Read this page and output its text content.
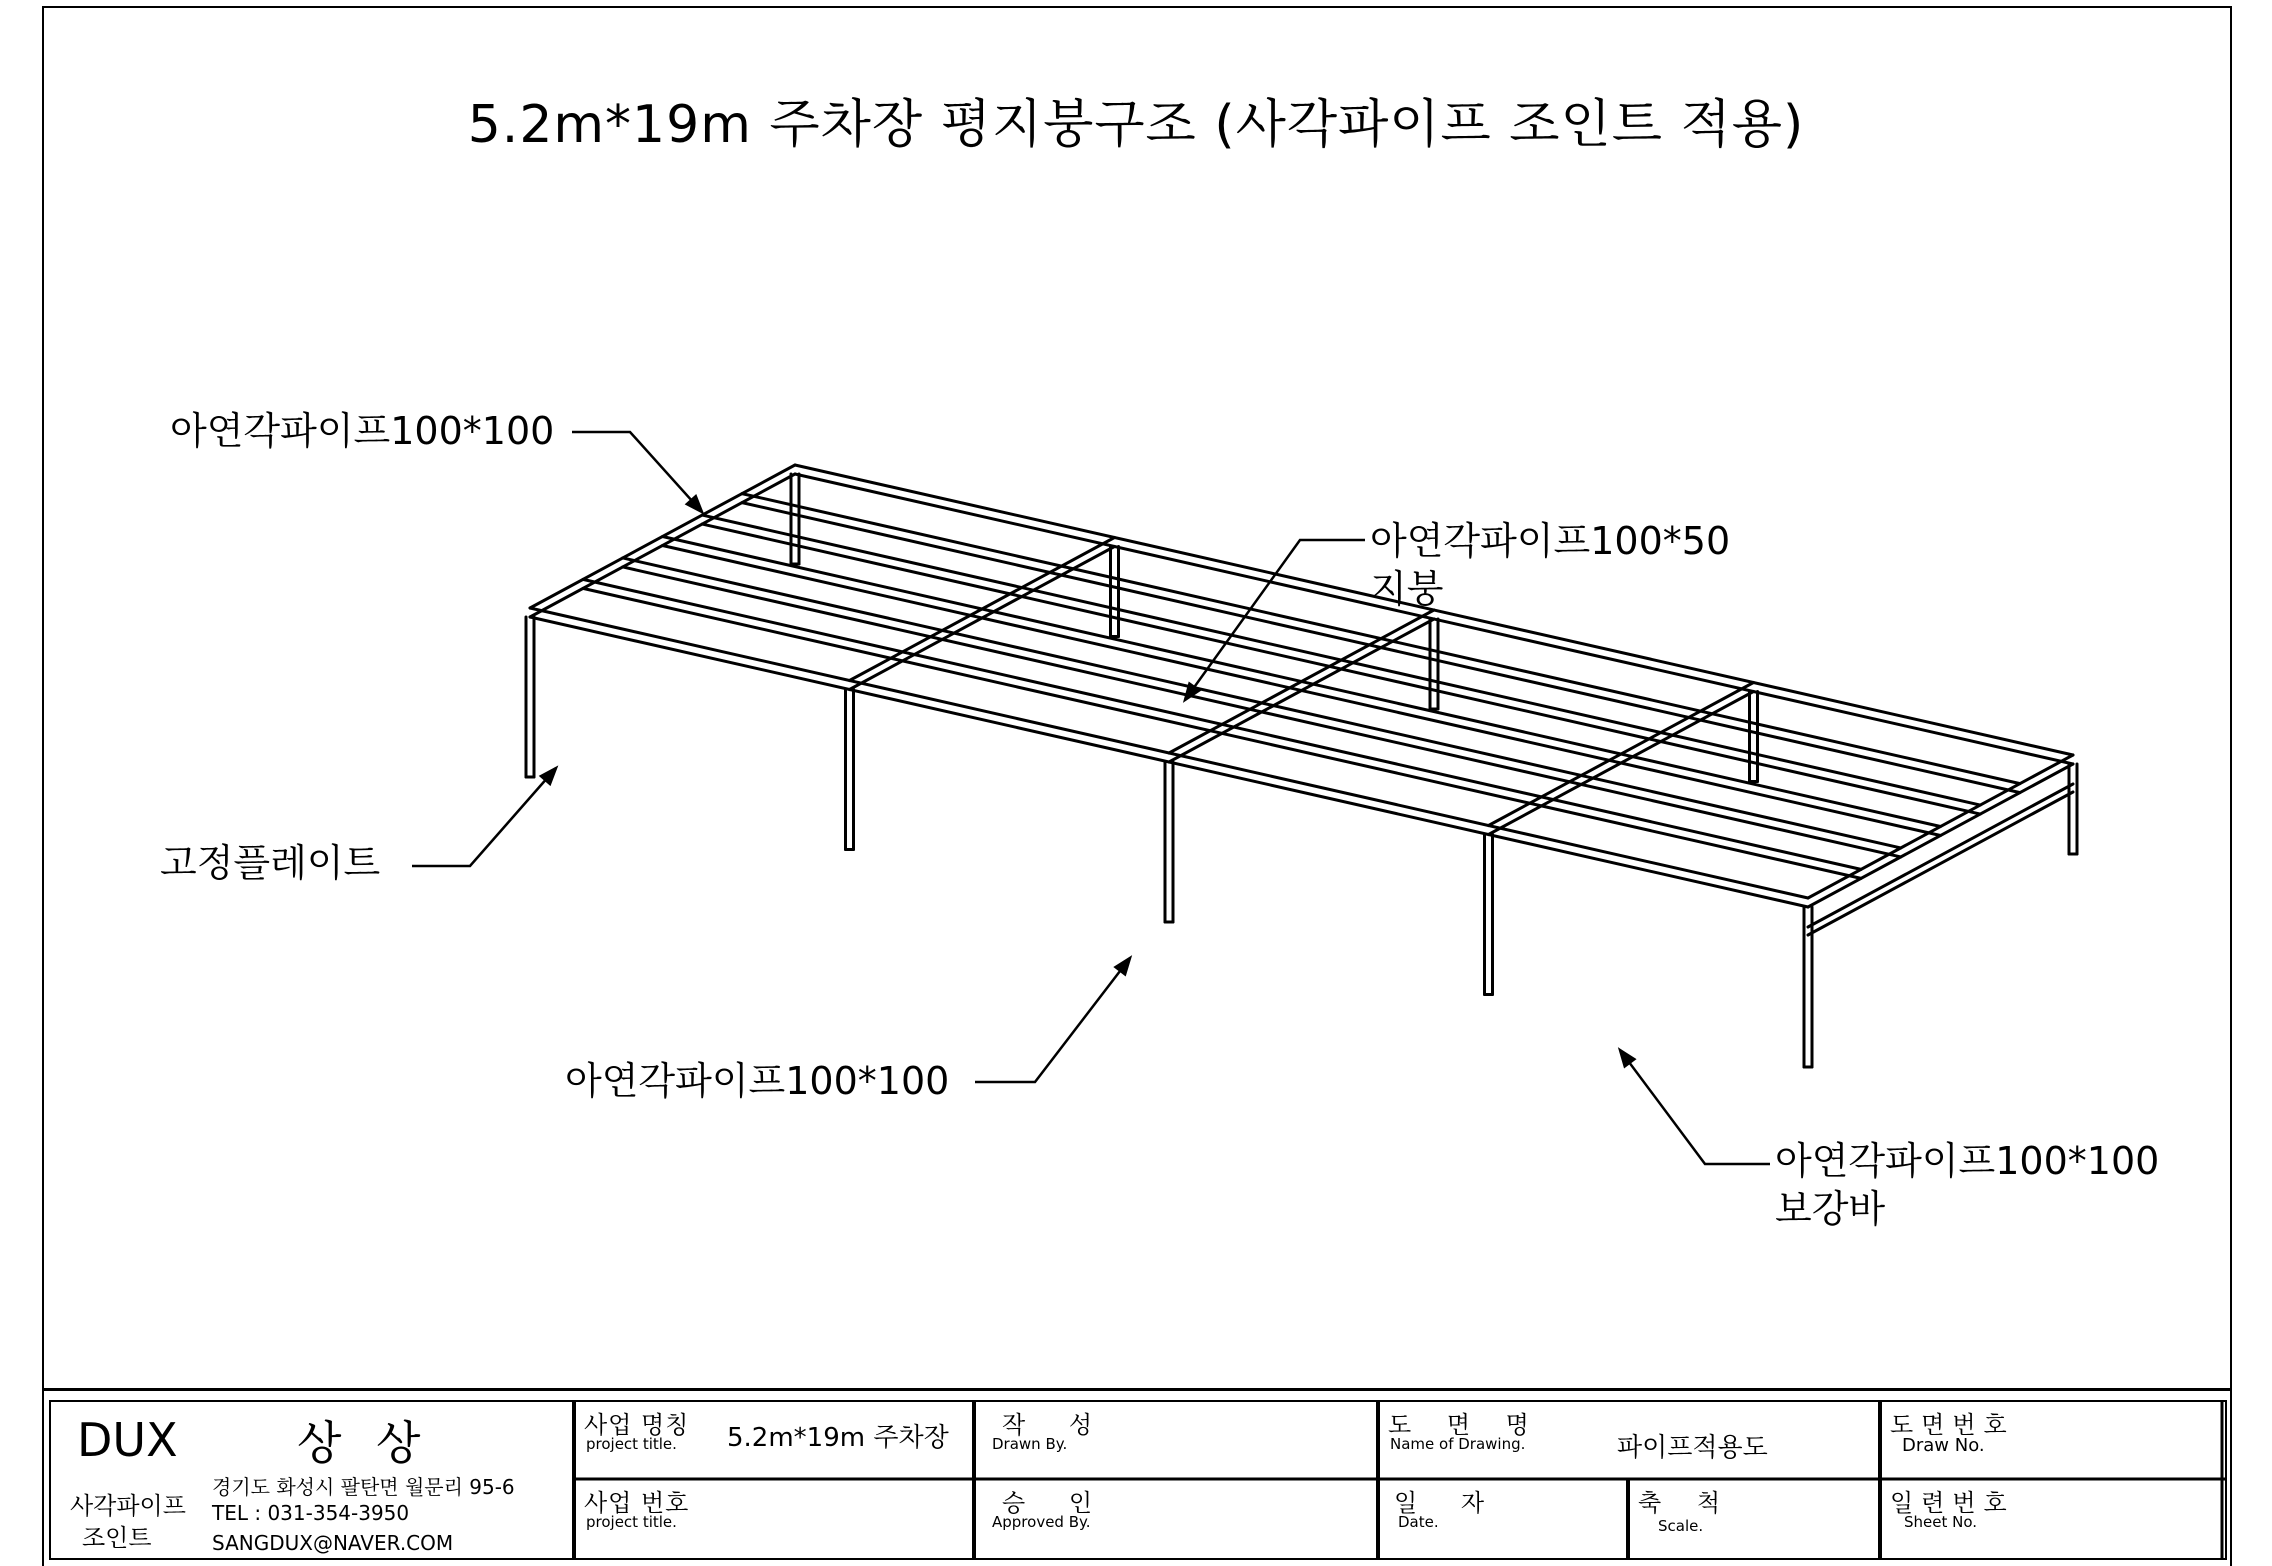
5.2m*19m 주차장 평지붕구조 (사각파이프 조인트 적용)
아연각파이프100*100
아연각파이프100*50
지붕
고정플레이트
아연각파이프100*100
아연각파이프100*100
보강바
DUX	상 상
사각파이프
조인트
경기도 화성시 팔탄면 월문리 95-6
TEL : 031-354-3950
SANGDUX@NAVER.COM
사업 명칭
project title. 5.2m*19m 주차장
사업 번호
project title.
작 성
Drawn By.
승 인
Approved By.
도 면 명
Name of Drawing.	파이프적용도
일 자
Date.
축 척
Scale.
도면번호
Draw No.
일련번호
Sheet No.
